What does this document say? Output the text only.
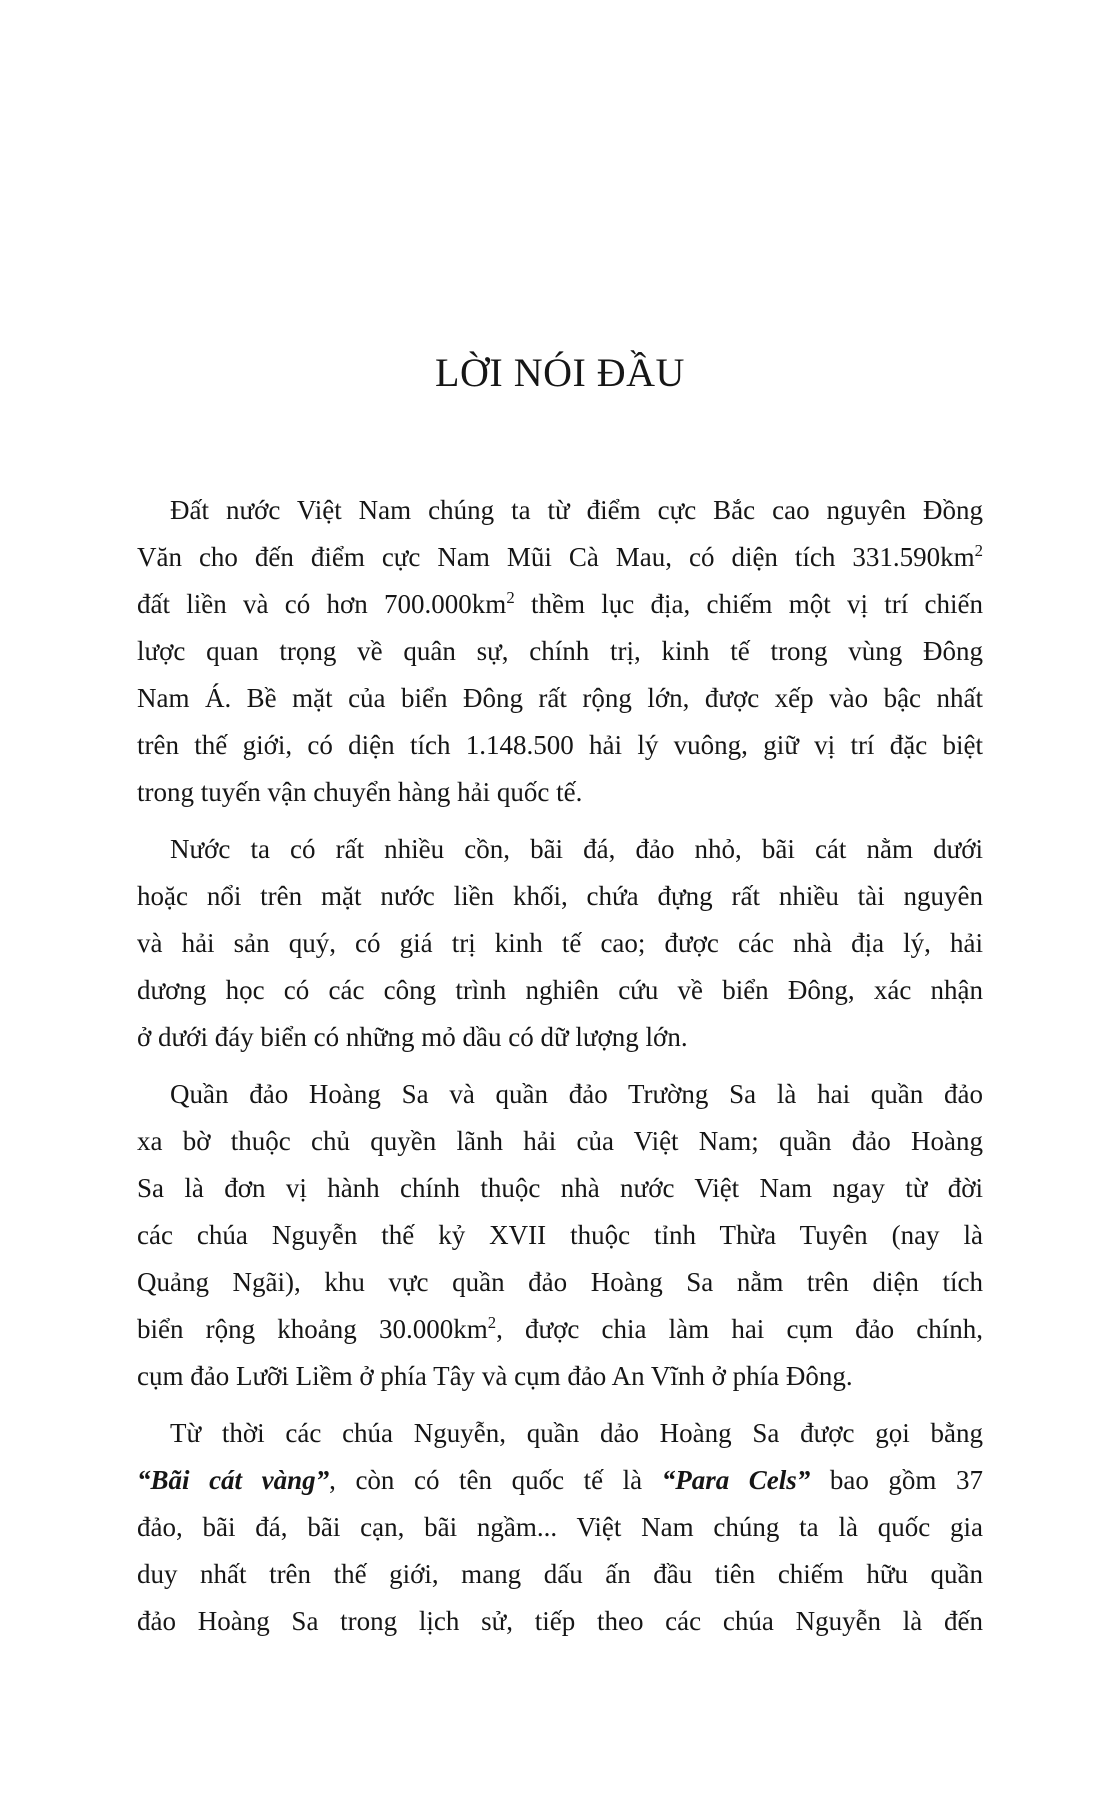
LỜI NÓI ĐẦU
Đất nước Việt Nam chúng ta từ điểm cực Bắc cao nguyên Đồng
Văn cho đến điểm cực Nam Mũi Cà Mau, có diện tích $331.590km^2$
đất liền và có hơn $700.000km^2$ thềm lục địa, chiếm một vị trí chiến
lược quan trọng về quân sự, chính trị, kinh tế trong vùng Đông
Nam Á. Bề mặt của biển Đông rất rộng lớn, được xếp vào bậc nhất
trên thế giới, có diện tích 1.148.500 hải lý vuông, giữ vị trí đặc biệt
trong tuyến vận chuyển hàng hải quốc tế.
Nước ta có rất nhiều cồn, bãi đá, đảo nhỏ, bãi cát nằm dưới
hoặc nổi trên mặt nước liền khối, chứa đựng rất nhiều tài nguyên
và hải sản quý, có giá trị kinh tế cao; được các nhà địa lý, hải
dương học có các công trình nghiên cứu về biển Đông, xác nhận
ở dưới đáy biển có những mỏ dầu có dữ lượng lớn.
Quần đảo Hoàng Sa và quần đảo Trường Sa là hai quần đảo
xa bờ thuộc chủ quyền lãnh hải của Việt Nam; quần đảo Hoàng
Sa là đơn vị hành chính thuộc nhà nước Việt Nam ngay từ đời
các chúa Nguyễn thế kỷ XVII thuộc tỉnh Thừa Tuyên (nay là
Quảng Ngãi), khu vực quần đảo Hoàng Sa nằm trên diện tích
biển rộng khoảng $30.000km^2$, được chia làm hai cụm đảo chính,
cụm đảo Lưỡi Liềm ở phía Tây và cụm đảo An Vĩnh ở phía Đông.
Từ thời các chúa Nguyễn, quần dảo Hoàng Sa được gọi bằng
“Bãi cát vàng”, còn có tên quốc tế là “Para Cels” bao gồm 37
đảo, bãi đá, bãi cạn, bãi ngầm... Việt Nam chúng ta là quốc gia
duy nhất trên thế giới, mang dấu ấn đầu tiên chiếm hữu quần
đảo Hoàng Sa trong lịch sử, tiếp theo các chúa Nguyễn là đến
